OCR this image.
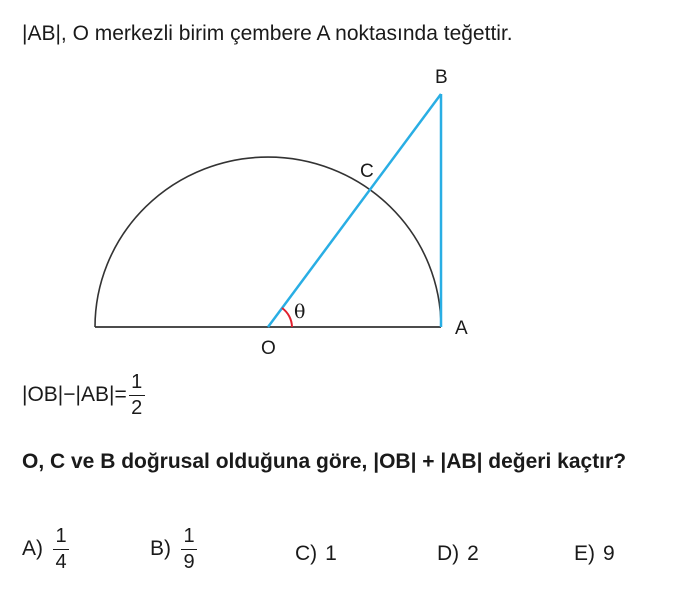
|AB|, O merkezli birim çembere A noktasında teğettir.
B
C
θ
A
O
$|OB|-|AB|= \frac{1}{2}$
O, C ve B doğrusal olduğuna göre, |OB| + |AB| değeri kaçtır?
$A) \frac{1}{4}$	$B) \frac{1}{9}$	C) 1	D) 2	E) 9
